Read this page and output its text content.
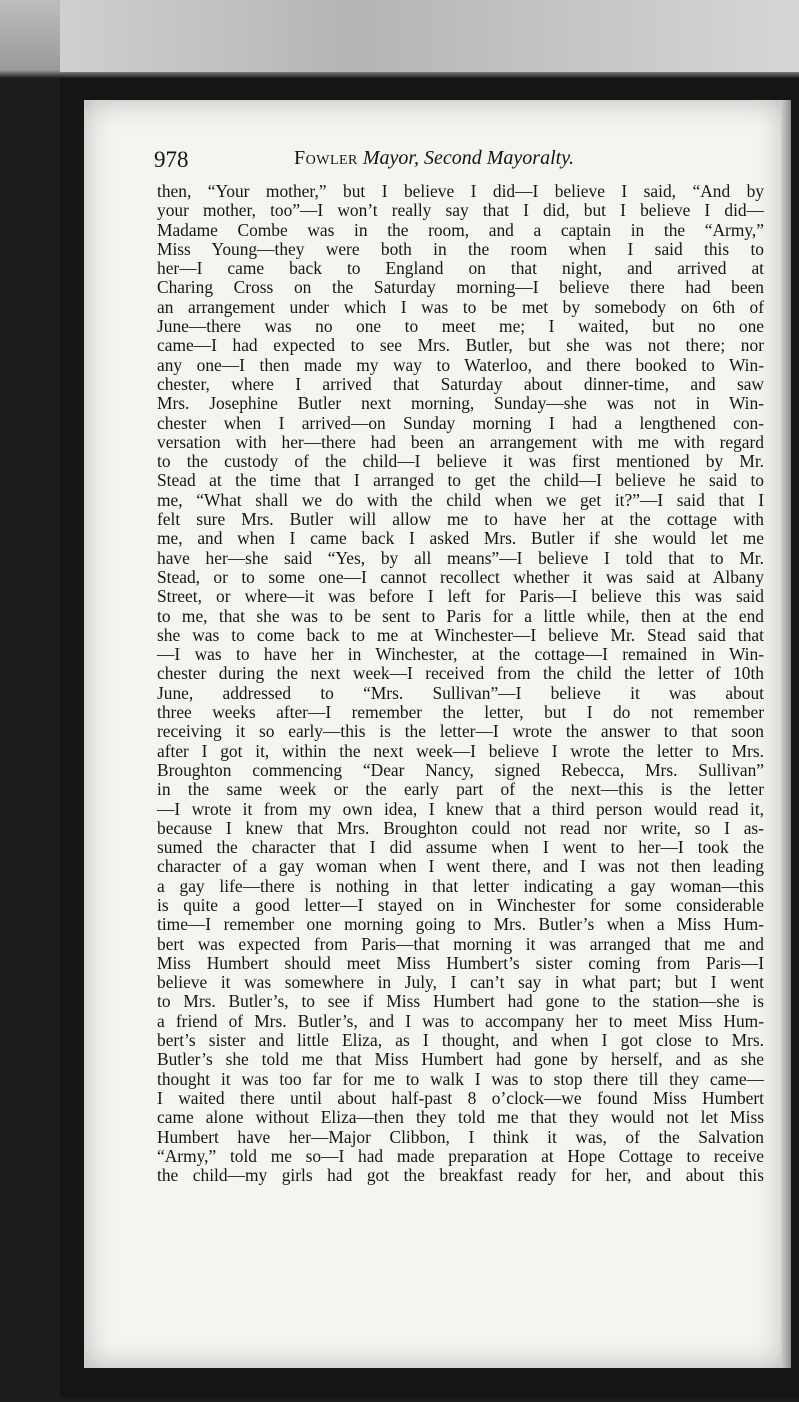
978	Fowler Mayor, Second Mayoralty.
then, “Your mother,” but I believe I did—I believe I said, “And by
your mother, too”—I won’t really say that I did, but I believe I did—
Madame Combe was in the room, and a captain in the “Army,”
Miss Young—they were both in the room when I said this to
her—I came back to England on that night, and arrived at
Charing Cross on the Saturday morning—I believe there had been
an arrangement under which I was to be met by somebody on 6th of
June—there was no one to meet me; I waited, but no one
came—I had expected to see Mrs. Butler, but she was not there; nor
any one—I then made my way to Waterloo, and there booked to Win-
chester, where I arrived that Saturday about dinner-time, and saw
Mrs. Josephine Butler next morning, Sunday—she was not in Win-
chester when I arrived—on Sunday morning I had a lengthened con-
versation with her—there had been an arrangement with me with regard
to the custody of the child—I believe it was first mentioned by Mr.
Stead at the time that I arranged to get the child—I believe he said to
me, “What shall we do with the child when we get it?”—I said that I
felt sure Mrs. Butler will allow me to have her at the cottage with
me, and when I came back I asked Mrs. Butler if she would let me
have her—she said “Yes, by all means”—I believe I told that to Mr.
Stead, or to some one—I cannot recollect whether it was said at Albany
Street, or where—it was before I left for Paris—I believe this was said
to me, that she was to be sent to Paris for a little while, then at the end
she was to come back to me at Winchester—I believe Mr. Stead said that
—I was to have her in Winchester, at the cottage—I remained in Win-
chester during the next week—I received from the child the letter of 10th
June, addressed to “Mrs. Sullivan”—I believe it was about
three weeks after—I remember the letter, but I do not remember
receiving it so early—this is the letter—I wrote the answer to that soon
after I got it, within the next week—I believe I wrote the letter to Mrs.
Broughton commencing “Dear Nancy, signed Rebecca, Mrs. Sullivan”
in the same week or the early part of the next—this is the letter
—I wrote it from my own idea, I knew that a third person would read it,
because I knew that Mrs. Broughton could not read nor write, so I as-
sumed the character that I did assume when I went to her—I took the
character of a gay woman when I went there, and I was not then leading
a gay life—there is nothing in that letter indicating a gay woman—this
is quite a good letter—I stayed on in Winchester for some considerable
time—I remember one morning going to Mrs. Butler’s when a Miss Hum-
bert was expected from Paris—that morning it was arranged that me and
Miss Humbert should meet Miss Humbert’s sister coming from Paris—I
believe it was somewhere in July, I can’t say in what part; but I went
to Mrs. Butler’s, to see if Miss Humbert had gone to the station—she is
a friend of Mrs. Butler’s, and I was to accompany her to meet Miss Hum-
bert’s sister and little Eliza, as I thought, and when I got close to Mrs.
Butler’s she told me that Miss Humbert had gone by herself, and as she
thought it was too far for me to walk I was to stop there till they came—
I waited there until about half-past 8 o’clock—we found Miss Humbert
came alone without Eliza—then they told me that they would not let Miss
Humbert have her—Major Clibbon, I think it was, of the Salvation
“Army,” told me so—I had made preparation at Hope Cottage to receive
the child—my girls had got the breakfast ready for her, and about this
